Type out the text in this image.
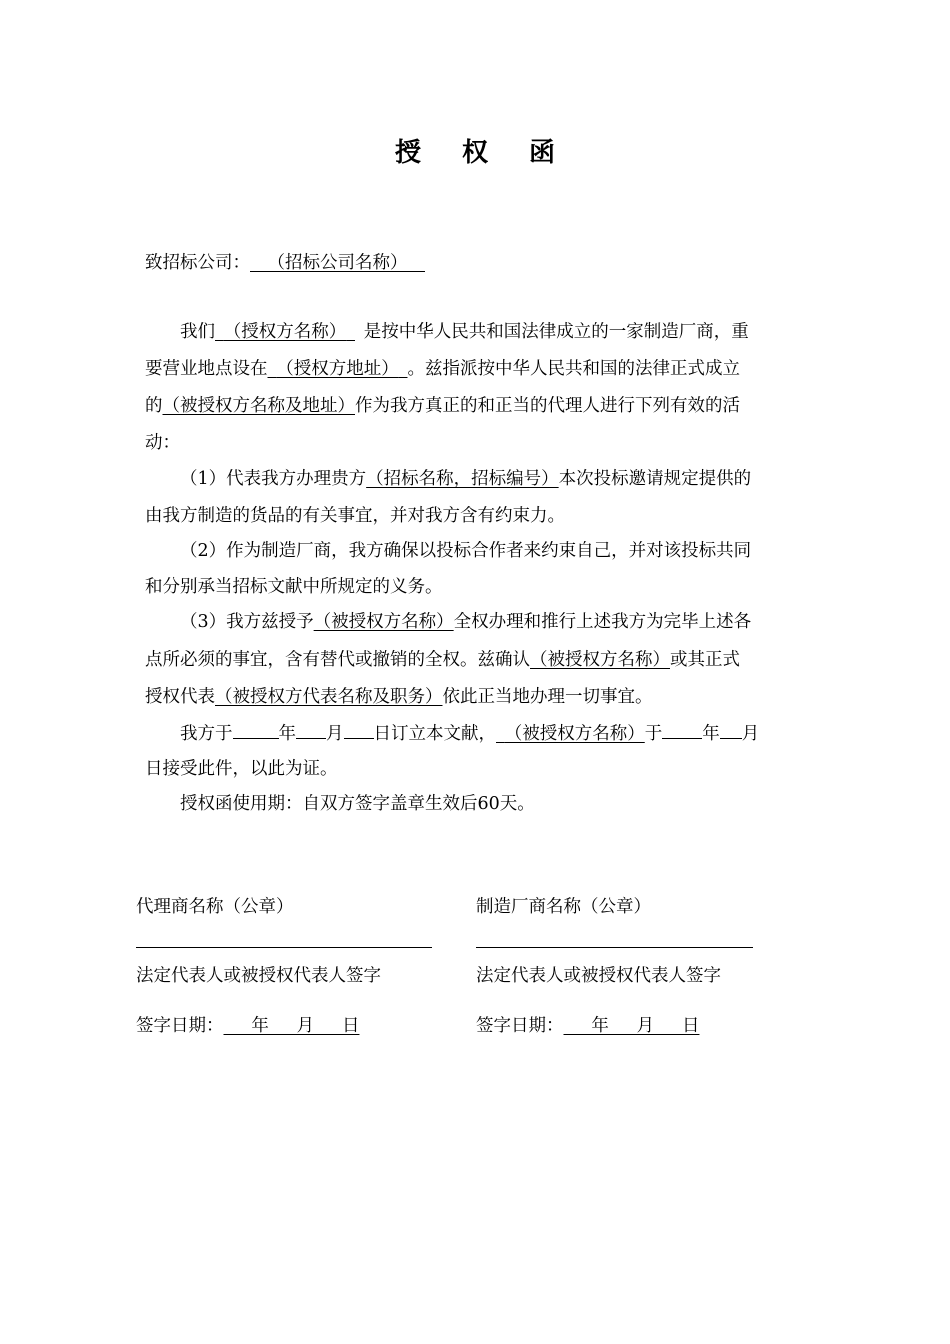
授 权 函
致招标公司：  （招标公司名称） 
我们  （授权方名称）   是按中华人民共和国法律成立的一家制造厂商，重
要营业地点设在  （授权方地址）  。兹指派按中华人民共和国的法律正式成立
的（被授权方名称及地址）作为我方真正的和正当的代理人进行下列有效的活
动：
（1）代表我方办理贵方（招标名称，招标编号）本次投标邀请规定提供的
由我方制造的货品的有关事宜，并对我方含有约束力。
（2）作为制造厂商，我方确保以投标合作者来约束自己，并对该投标共同
和分别承当招标文献中所规定的义务。
（3）我方兹授予（被授权方名称）全权办理和推行上述我方为完毕上述各
点所必须的事宜，含有替代或撤销的全权。兹确认（被授权方名称）或其正式
授权代表（被授权方代表名称及职务）依此正当地办理一切事宜。
我方于	年 月 日订立本文献，  （被授权方名称）于 年 月
日接受此件，以此为证。
授权函使用期：自双方签字盖章生效后60天。
代理商名称（公章）
法定代表人或被授权代表人签字
签字日期：     年     月     日
制造厂商名称（公章）
法定代表人或被授权代表人签字
签字日期：     年     月     日
